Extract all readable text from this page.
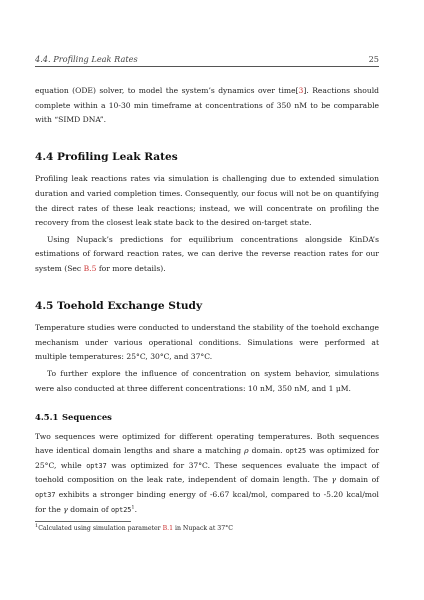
4.4. Profiling Leak Rates	25

equation (ODE) solver, to model the system’s dynamics over time[3]. Reactions should complete within a 10-30 min timeframe at concentrations of 350 nM to be comparable with “SIMD DNA”.

4.4 Profiling Leak Rates

Profiling leak reactions rates via simulation is challenging due to extended simulation duration and varied completion times. Consequently, our focus will not be on quantifying the direct rates of these leak reactions; instead, we will concentrate on profiling the recovery from the closest leak state back to the desired on-target state.

Using Nupack’s predictions for equilibrium concentrations alongside KinDA’s estimations of forward reaction rates, we can derive the reverse reaction rates for our system (Sec B.5 for more details).

4.5 Toehold Exchange Study

Temperature studies were conducted to understand the stability of the toehold exchange mechanism under various operational conditions. Simulations were performed at multiple temperatures: 25°C, 30°C, and 37°C.

To further explore the influence of concentration on system behavior, simulations were also conducted at three different concentrations: 10 nM, 350 nM, and 1 μM.

4.5.1 Sequences

Two sequences were optimized for different operating temperatures. Both sequences have identical domain lengths and share a matching ρ domain. opt25 was optimized for 25°C, while opt37 was optimized for 37°C. These sequences evaluate the impact of toehold composition on the leak rate, independent of domain length. The γ domain of opt37 exhibits a stronger binding energy of -6.67 kcal/mol, compared to -5.20 kcal/mol for the γ domain of $opt25^1$.

$^1$Calculated using simulation parameter B.1 in Nupack at 37°C
